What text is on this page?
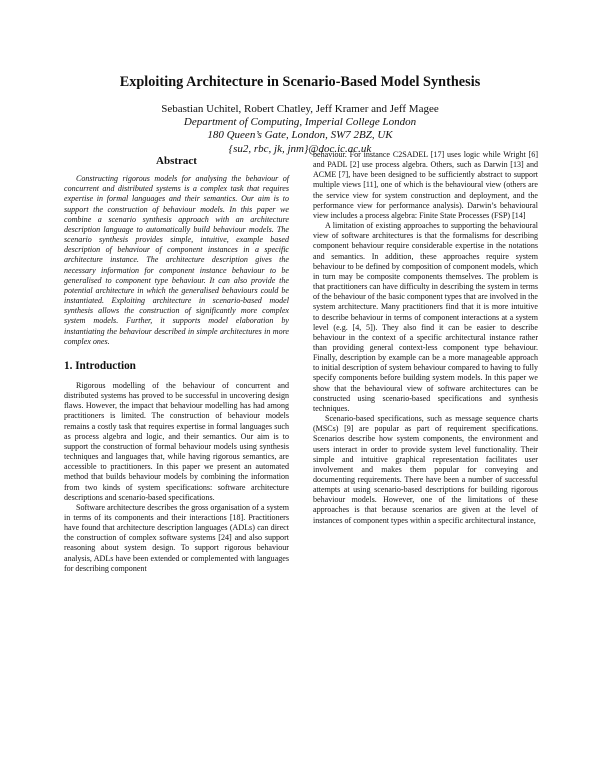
Exploiting Architecture in Scenario-Based Model Synthesis
Sebastian Uchitel, Robert Chatley, Jeff Kramer and Jeff Magee
Department of Computing, Imperial College London
180 Queen’s Gate, London, SW7 2BZ, UK
{su2, rbc, jk, jnm}@doc.ic.ac.uk
Abstract

Constructing rigorous models for analysing the behaviour of concurrent and distributed systems is a complex task that requires expertise in formal languages and their semantics. Our aim is to support the construction of behaviour models. In this paper we combine a scenario synthesis approach with an architecture description language to automatically build behaviour models. The scenario synthesis provides simple, intuitive, example based description of behaviour of component instances in a specific architecture instance. The architecture description gives the necessary information for component instance behaviour to be generalised to component type behaviour. It can also provide the potential architecture in which the generalised behaviours could be instantiated. Exploiting architecture in scenario-based model synthesis allows the construction of significantly more complex system models. Further, it supports model elaboration by instantiating the behaviour described in simple architectures in more complex ones.

1. Introduction

Rigorous modelling of the behaviour of concurrent and distributed systems has proved to be successful in uncovering design flaws. However, the impact that behaviour modelling has had among practitioners is limited. The construction of behaviour models remains a costly task that requires expertise in formal languages such as process algebra and logic, and their semantics. Our aim is to support the construction of formal behaviour models using synthesis techniques and languages that, while having rigorous semantics, are accessible to practitioners. In this paper we present an automated method that builds behaviour models by combining the information from two kinds of system specifications: software architecture descriptions and scenario-based specifications.

Software architecture describes the gross organisation of a system in terms of its components and their interactions [18]. Practitioners have found that architecture description languages (ADLs) can direct the construction of complex software systems [24] and also support reasoning about system design. To support rigorous behaviour analysis, ADLs have been extended or complemented with languages for describing component

behaviour. For instance C2SADEL [17] uses logic while Wright [6] and PADL [2] use process algebra. Others, such as Darwin [13] and ACME [7], have been designed to be sufficiently abstract to support multiple views [11], one of which is the behavioural view (others are the service view for system construction and deployment, and the performance view for performance analysis). Darwin’s behavioural view includes a process algebra: Finite State Processes (FSP) [14]

A limitation of existing approaches to supporting the behavioural view of software architectures is that the formalisms for describing component behaviour require considerable expertise in the notations and semantics. In addition, these approaches require system behaviour to be defined by composition of component models, which in turn may be composite components themselves. The problem is that practitioners can have difficulty in describing the system in terms of the behaviour of the basic component types that are involved in the system architecture. Many practitioners find that it is more intuitive to describe behaviour in terms of component interactions at a system level (e.g. [4, 5]). They also find it can be easier to describe behaviour in the context of a specific architectural instance rather than providing general context-less component type behaviour. Finally, description by example can be a more manageable approach to initial description of system behaviour compared to having to fully specify components before building system models. In this paper we show that the behavioural view of software architectures can be constructed using scenario-based specifications and synthesis techniques.

Scenario-based specifications, such as message sequence charts (MSCs) [9] are popular as part of requirement specifications. Scenarios describe how system components, the environment and users interact in order to provide system level functionality. Their simple and intuitive graphical representation facilitates user involvement and makes them popular for conveying and documenting requirements. There have been a number of successful attempts at using scenario-based descriptions for building rigorous behaviour models. However, one of the limitations of these approaches is that because scenarios are given at the level of instances of component types within a specific architectural instance,
